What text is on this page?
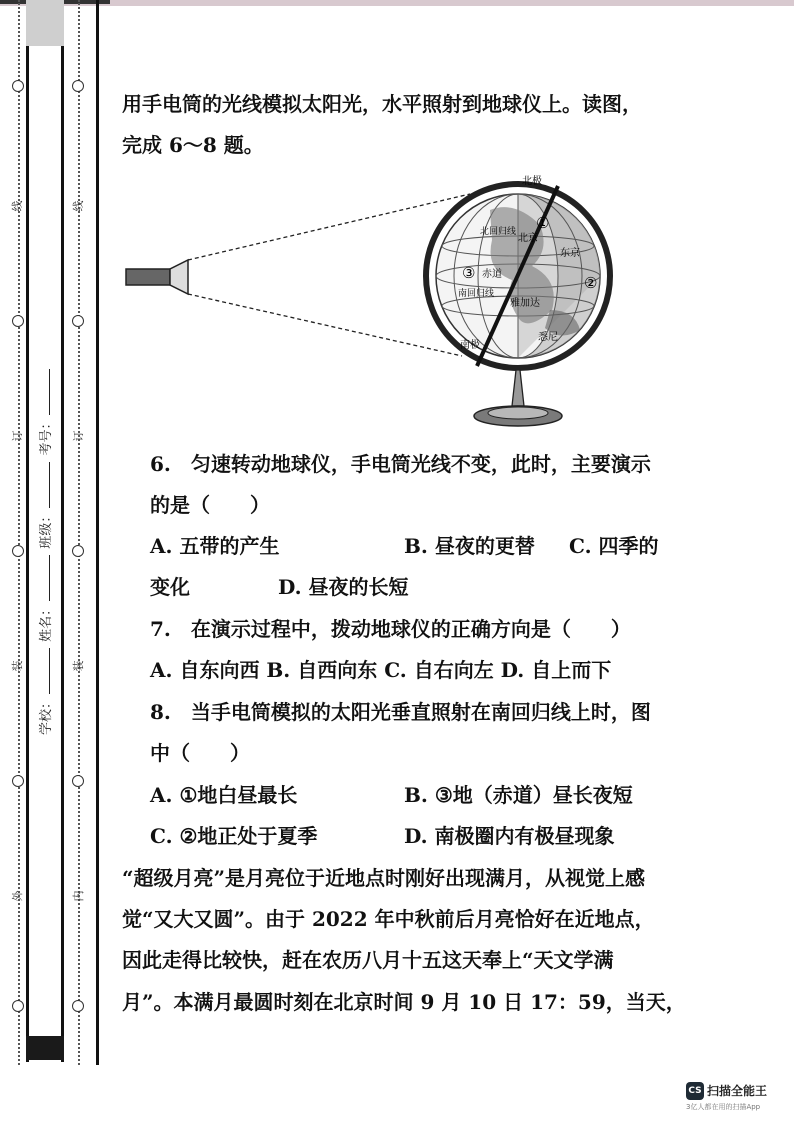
线
订
装
外
线
订
装
内
学校： 姓名： 班级： 考号：
用手电筒的光线模拟太阳光，水平照射到地球仪上。读图，
完成 6～8 题。
北极
北京
东京
北回归线
赤道
南回归线
雅加达
悉尼
南极
①
②
③
6.　匀速转动地球仪，手电筒光线不变，此时，主要演示
的是（　　）
A. 五带的产生	B. 昼夜的更替 C. 四季的
变化	D. 昼夜的长短
7.　在演示过程中，拨动地球仪的正确方向是（　　）
A. 自东向西 B. 自西向东 C. 自右向左 D. 自上而下
8.　当手电筒模拟的太阳光垂直照射在南回归线上时，图
中（　　）
A. ①地白昼最长	B. ③地（赤道）昼长夜短
C. ②地正处于夏季	D. 南极圈内有极昼现象
“超级月亮”是月亮位于近地点时刚好出现满月，从视觉上感
觉“又大又圆”。由于 2022 年中秋前后月亮恰好在近地点，
因此走得比较快，赶在农历八月十五这天奉上“天文学满
月”。本满月最圆时刻在北京时间 9 月 10 日 17：59，当天，
CS 扫描全能王
3亿人都在用的扫描App
